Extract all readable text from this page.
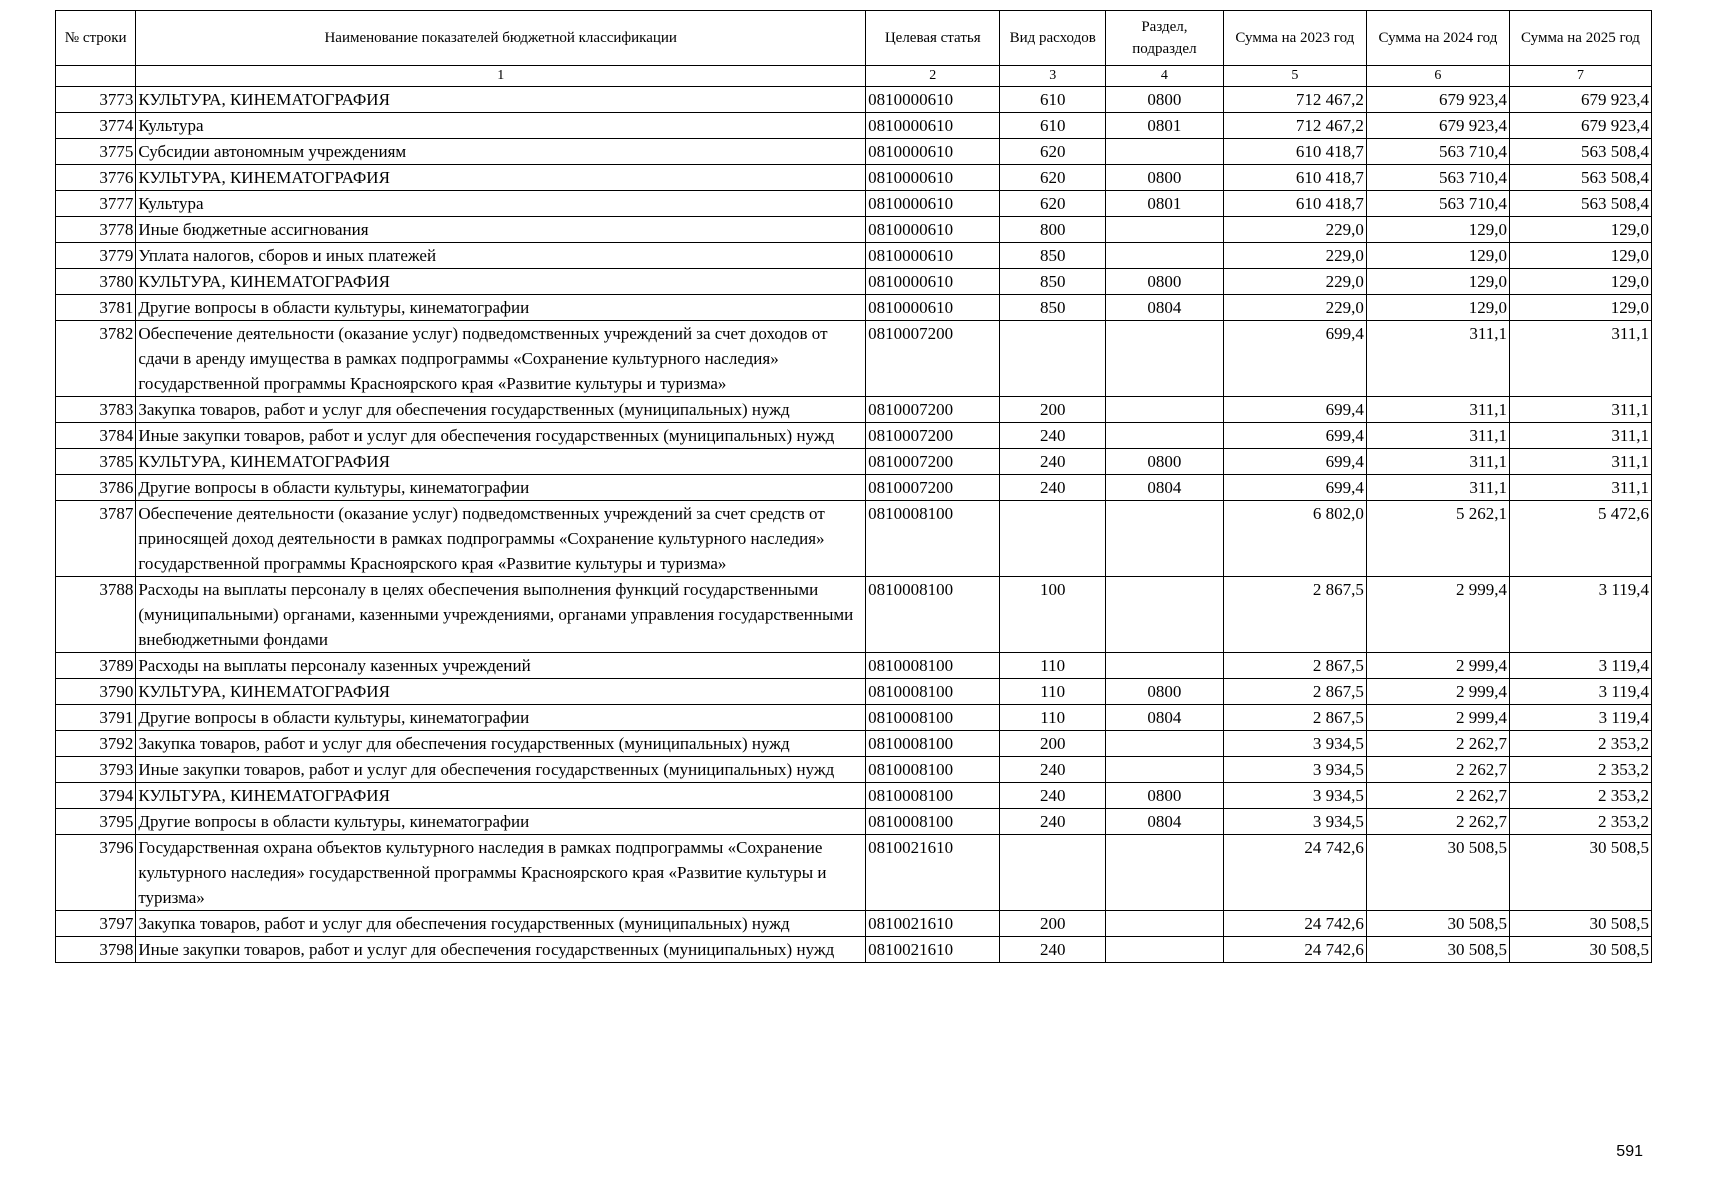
№ строки	Наименование показателей бюджетной классификации	Целевая статья	Вид расходов	Раздел, подраздел	Сумма на 2023 год	Сумма на 2024 год	Сумма на 2025 год
	1	2	3	4	5	6	7
3773	КУЛЬТУРА, КИНЕМАТОГРАФИЯ	0810000610	610	0800	712 467,2	679 923,4	679 923,4
3774	Культура	0810000610	610	0801	712 467,2	679 923,4	679 923,4
3775	Субсидии автономным учреждениям	0810000610	620		610 418,7	563 710,4	563 508,4
3776	КУЛЬТУРА, КИНЕМАТОГРАФИЯ	0810000610	620	0800	610 418,7	563 710,4	563 508,4
3777	Культура	0810000610	620	0801	610 418,7	563 710,4	563 508,4
3778	Иные бюджетные ассигнования	0810000610	800		229,0	129,0	129,0
3779	Уплата налогов, сборов и иных платежей	0810000610	850		229,0	129,0	129,0
3780	КУЛЬТУРА, КИНЕМАТОГРАФИЯ	0810000610	850	0800	229,0	129,0	129,0
3781	Другие вопросы в области культуры, кинематографии	0810000610	850	0804	229,0	129,0	129,0
3782	Обеспечение деятельности (оказание услуг) подведомственных учреждений за счет доходов от сдачи в аренду имущества в рамках подпрограммы «Сохранение культурного наследия» государственной программы Красноярского края «Развитие культуры и туризма»	0810007200			699,4	311,1	311,1
3783	Закупка товаров, работ и услуг для обеспечения государственных (муниципальных) нужд	0810007200	200		699,4	311,1	311,1
3784	Иные закупки товаров, работ и услуг для обеспечения государственных (муниципальных) нужд	0810007200	240		699,4	311,1	311,1
3785	КУЛЬТУРА, КИНЕМАТОГРАФИЯ	0810007200	240	0800	699,4	311,1	311,1
3786	Другие вопросы в области культуры, кинематографии	0810007200	240	0804	699,4	311,1	311,1
3787	Обеспечение деятельности (оказание услуг) подведомственных учреждений за счет средств от приносящей доход деятельности в рамках подпрограммы «Сохранение культурного наследия» государственной программы Красноярского края «Развитие культуры и туризма»	0810008100			6 802,0	5 262,1	5 472,6
3788	Расходы на выплаты персоналу в целях обеспечения выполнения функций государственными (муниципальными) органами, казенными учреждениями, органами управления государственными внебюджетными фондами	0810008100	100		2 867,5	2 999,4	3 119,4
3789	Расходы на выплаты персоналу казенных учреждений	0810008100	110		2 867,5	2 999,4	3 119,4
3790	КУЛЬТУРА, КИНЕМАТОГРАФИЯ	0810008100	110	0800	2 867,5	2 999,4	3 119,4
3791	Другие вопросы в области культуры, кинематографии	0810008100	110	0804	2 867,5	2 999,4	3 119,4
3792	Закупка товаров, работ и услуг для обеспечения государственных (муниципальных) нужд	0810008100	200		3 934,5	2 262,7	2 353,2
3793	Иные закупки товаров, работ и услуг для обеспечения государственных (муниципальных) нужд	0810008100	240		3 934,5	2 262,7	2 353,2
3794	КУЛЬТУРА, КИНЕМАТОГРАФИЯ	0810008100	240	0800	3 934,5	2 262,7	2 353,2
3795	Другие вопросы в области культуры, кинематографии	0810008100	240	0804	3 934,5	2 262,7	2 353,2
3796	Государственная охрана объектов культурного наследия в рамках подпрограммы «Сохранение культурного наследия» государственной программы Красноярского края «Развитие культуры и туризма»	0810021610			24 742,6	30 508,5	30 508,5
3797	Закупка товаров, работ и услуг для обеспечения государственных (муниципальных) нужд	0810021610	200		24 742,6	30 508,5	30 508,5
3798	Иные закупки товаров, работ и услуг для обеспечения государственных (муниципальных) нужд	0810021610	240		24 742,6	30 508,5	30 508,5
591
